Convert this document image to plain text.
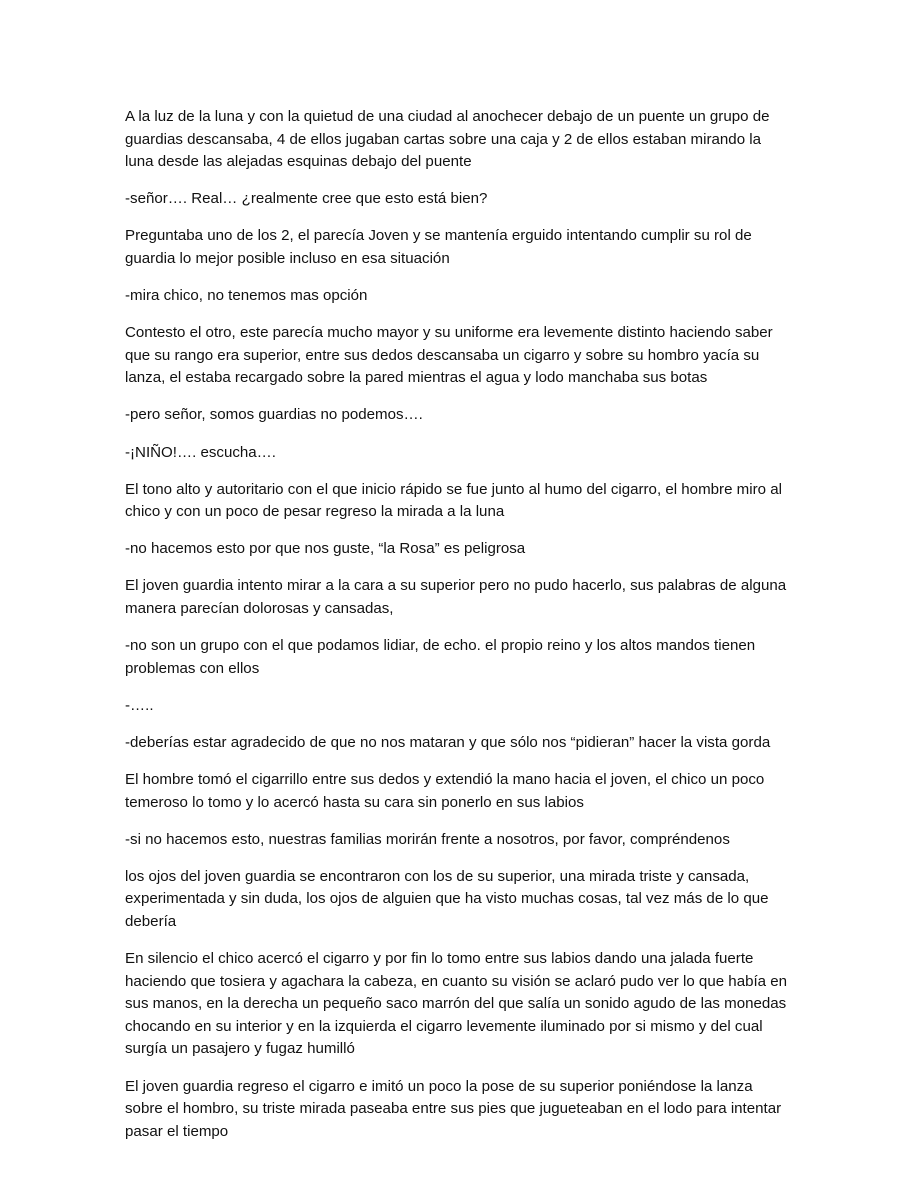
A la luz de la luna y con la quietud de una ciudad al anochecer debajo de un puente un grupo de guardias descansaba, 4 de ellos jugaban cartas sobre una caja y 2 de ellos estaban mirando la luna desde las alejadas esquinas debajo del puente

-señor…. Real… ¿realmente cree que esto está bien?

Preguntaba uno de los 2, el parecía Joven y se mantenía erguido intentando cumplir su rol de guardia lo mejor posible incluso en esa situación

-mira chico, no tenemos mas opción

Contesto el otro, este parecía mucho mayor y su uniforme era levemente distinto haciendo saber que su rango era superior, entre sus dedos descansaba un cigarro y sobre su hombro yacía su lanza, el estaba recargado sobre la pared mientras el agua y lodo manchaba sus botas

-pero señor, somos guardias no podemos….

-¡NIÑO!…. escucha….

El tono alto y autoritario con el que inicio rápido se fue junto al humo del cigarro, el hombre miro al chico y con un poco de pesar regreso la mirada a la luna

-no hacemos esto por que nos guste, “la Rosa” es peligrosa

El joven guardia intento mirar a la cara a su superior pero no pudo hacerlo, sus palabras de alguna manera parecían dolorosas y cansadas,

-no son un grupo con el que podamos lidiar, de echo. el propio reino y los altos mandos tienen problemas con ellos

-…..

-deberías estar agradecido de que no nos mataran y que sólo nos “pidieran” hacer la vista gorda

El hombre tomó el cigarrillo entre sus dedos y extendió la mano hacia el joven, el chico un poco temeroso lo tomo y lo acercó hasta su cara sin ponerlo en sus labios

-si no hacemos esto, nuestras familias morirán frente a nosotros, por favor, compréndenos

los ojos del joven guardia se encontraron con los de su superior, una mirada triste y cansada, experimentada y sin duda, los ojos de alguien que ha visto muchas cosas, tal vez más de lo que debería

En silencio el chico acercó el cigarro y por fin lo tomo entre sus labios dando una jalada fuerte haciendo que tosiera y agachara la cabeza, en cuanto su visión se aclaró pudo ver lo que había en sus manos, en la derecha un pequeño saco marrón del que salía un sonido agudo de las monedas chocando en su interior y en la izquierda el cigarro levemente iluminado por si mismo y del cual surgía un pasajero y fugaz humilló

El joven guardia regreso el cigarro e imitó un poco la pose de su superior poniéndose la lanza sobre el hombro, su triste mirada paseaba entre sus pies que jugueteaban en el lodo para intentar pasar el tiempo
